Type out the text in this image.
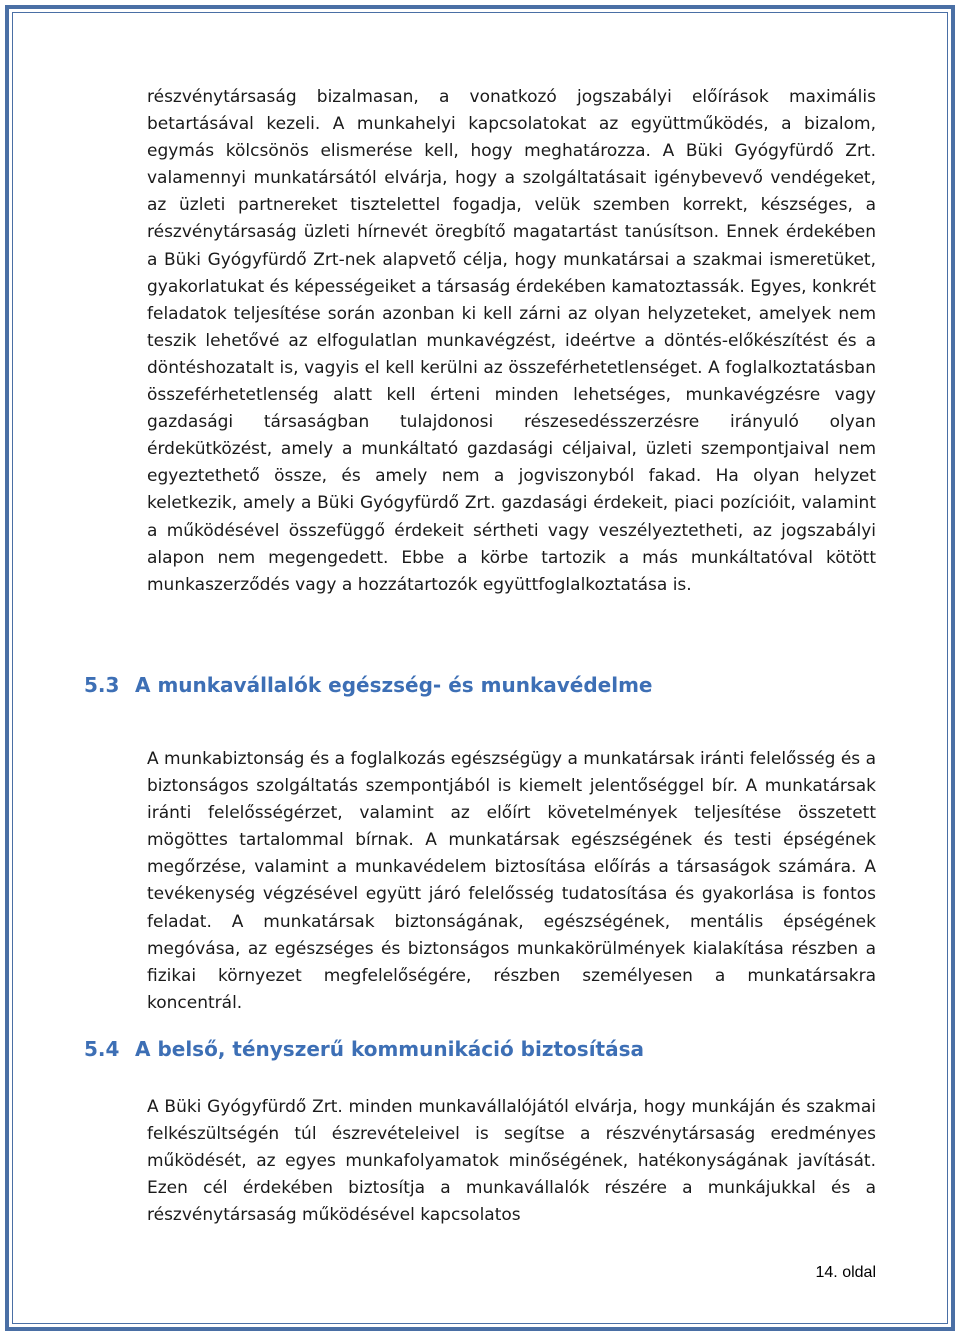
részvénytársaság bizalmasan, a vonatkozó jogszabályi előírások maximális betartásával kezeli. A munkahelyi kapcsolatokat az együttműködés, a bizalom, egymás kölcsönös elismerése kell, hogy meghatározza. A Büki Gyógyfürdő Zrt. valamennyi munkatársától elvárja, hogy a szolgáltatásait igénybevevő vendégeket, az üzleti partnereket tisztelettel fogadja, velük szemben korrekt, készséges, a részvénytársaság üzleti hírnevét öregbítő magatartást tanúsítson. Ennek érdekében a Büki Gyógyfürdő Zrt-nek alapvető célja, hogy munkatársai a szakmai ismeretüket, gyakorlatukat és képességeiket a társaság érdekében kamatoztassák. Egyes, konkrét feladatok teljesítése során azonban ki kell zárni az olyan helyzeteket, amelyek nem teszik lehetővé az elfogulatlan munkavégzést, ideértve a döntés-előkészítést és a döntéshozatalt is, vagyis el kell kerülni az összeférhetetlenséget. A foglalkoztatásban összeférhetetlenség alatt kell érteni minden lehetséges, munkavégzésre vagy gazdasági társaságban tulajdonosi részesedésszerzésre irányuló olyan érdekütközést, amely a munkáltató gazdasági céljaival, üzleti szempontjaival nem egyeztethető össze, és amely nem a jogviszonyból fakad. Ha olyan helyzet keletkezik, amely a Büki Gyógyfürdő Zrt. gazdasági érdekeit, piaci pozícióit, valamint a működésével összefüggő érdekeit sértheti vagy veszélyeztetheti, az jogszabályi alapon nem megengedett. Ebbe a körbe tartozik a más munkáltatóval kötött munkaszerződés vagy a hozzátartozók együttfoglalkoztatása is.

5.3 A munkavállalók egészség- és munkavédelme

A munkabiztonság és a foglalkozás egészségügy a munkatársak iránti felelősség és a biztonságos szolgáltatás szempontjából is kiemelt jelentőséggel bír. A munkatársak iránti felelősségérzet, valamint az előírt követelmények teljesítése összetett mögöttes tartalommal bírnak. A munkatársak egészségének és testi épségének megőrzése, valamint a munkavédelem biztosítása előírás a társaságok számára. A tevékenység végzésével együtt járó felelősség tudatosítása és gyakorlása is fontos feladat. A munkatársak biztonságának, egészségének, mentális épségének megóvása, az egészséges és biztonságos munkakörülmények kialakítása részben a fizikai környezet megfelelőségére, részben személyesen a munkatársakra koncentrál.

5.4 A belső, tényszerű kommunikáció biztosítása

A Büki Gyógyfürdő Zrt. minden munkavállalójától elvárja, hogy munkáján és szakmai felkészültségén túl észrevételeivel is segítse a részvénytársaság eredményes működését, az egyes munkafolyamatok minőségének, hatékonyságának javítását. Ezen cél érdekében biztosítja a munkavállalók részére a munkájukkal és a részvénytársaság működésével kapcsolatos

14. oldal
